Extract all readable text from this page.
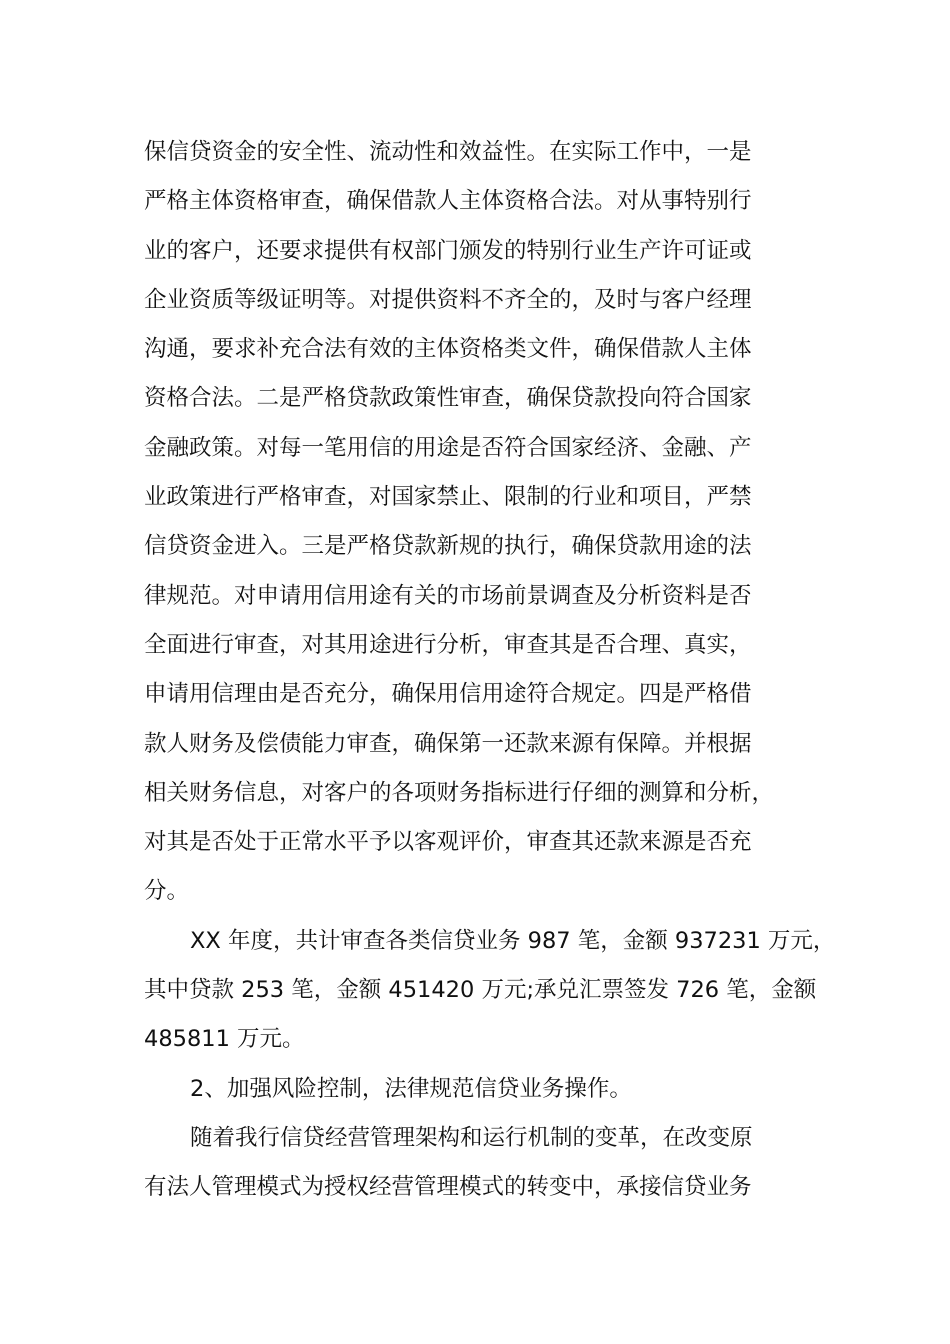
保信贷资金的安全性、流动性和效益性。在实际工作中，一是
严格主体资格审查，确保借款人主体资格合法。对从事特别行
业的客户，还要求提供有权部门颁发的特别行业生产许可证或
企业资质等级证明等。对提供资料不齐全的，及时与客户经理
沟通，要求补充合法有效的主体资格类文件，确保借款人主体
资格合法。二是严格贷款政策性审查，确保贷款投向符合国家
金融政策。对每一笔用信的用途是否符合国家经济、金融、产
业政策进行严格审查，对国家禁止、限制的行业和项目，严禁
信贷资金进入。三是严格贷款新规的执行，确保贷款用途的法
律规范。对申请用信用途有关的市场前景调查及分析资料是否
全面进行审查，对其用途进行分析，审查其是否合理、真实，
申请用信理由是否充分，确保用信用途符合规定。四是严格借
款人财务及偿债能力审查，确保第一还款来源有保障。并根据
相关财务信息，对客户的各项财务指标进行仔细的测算和分析，
对其是否处于正常水平予以客观评价，审查其还款来源是否充
分。
XX 年度，共计审查各类信贷业务 987 笔，金额 937231 万元，
其中贷款 253 笔，金额 451420 万元;承兑汇票签发 726 笔，金额
485811 万元。
2、加强风险控制，法律规范信贷业务操作。
随着我行信贷经营管理架构和运行机制的变革，在改变原
有法人管理模式为授权经营管理模式的转变中，承接信贷业务
